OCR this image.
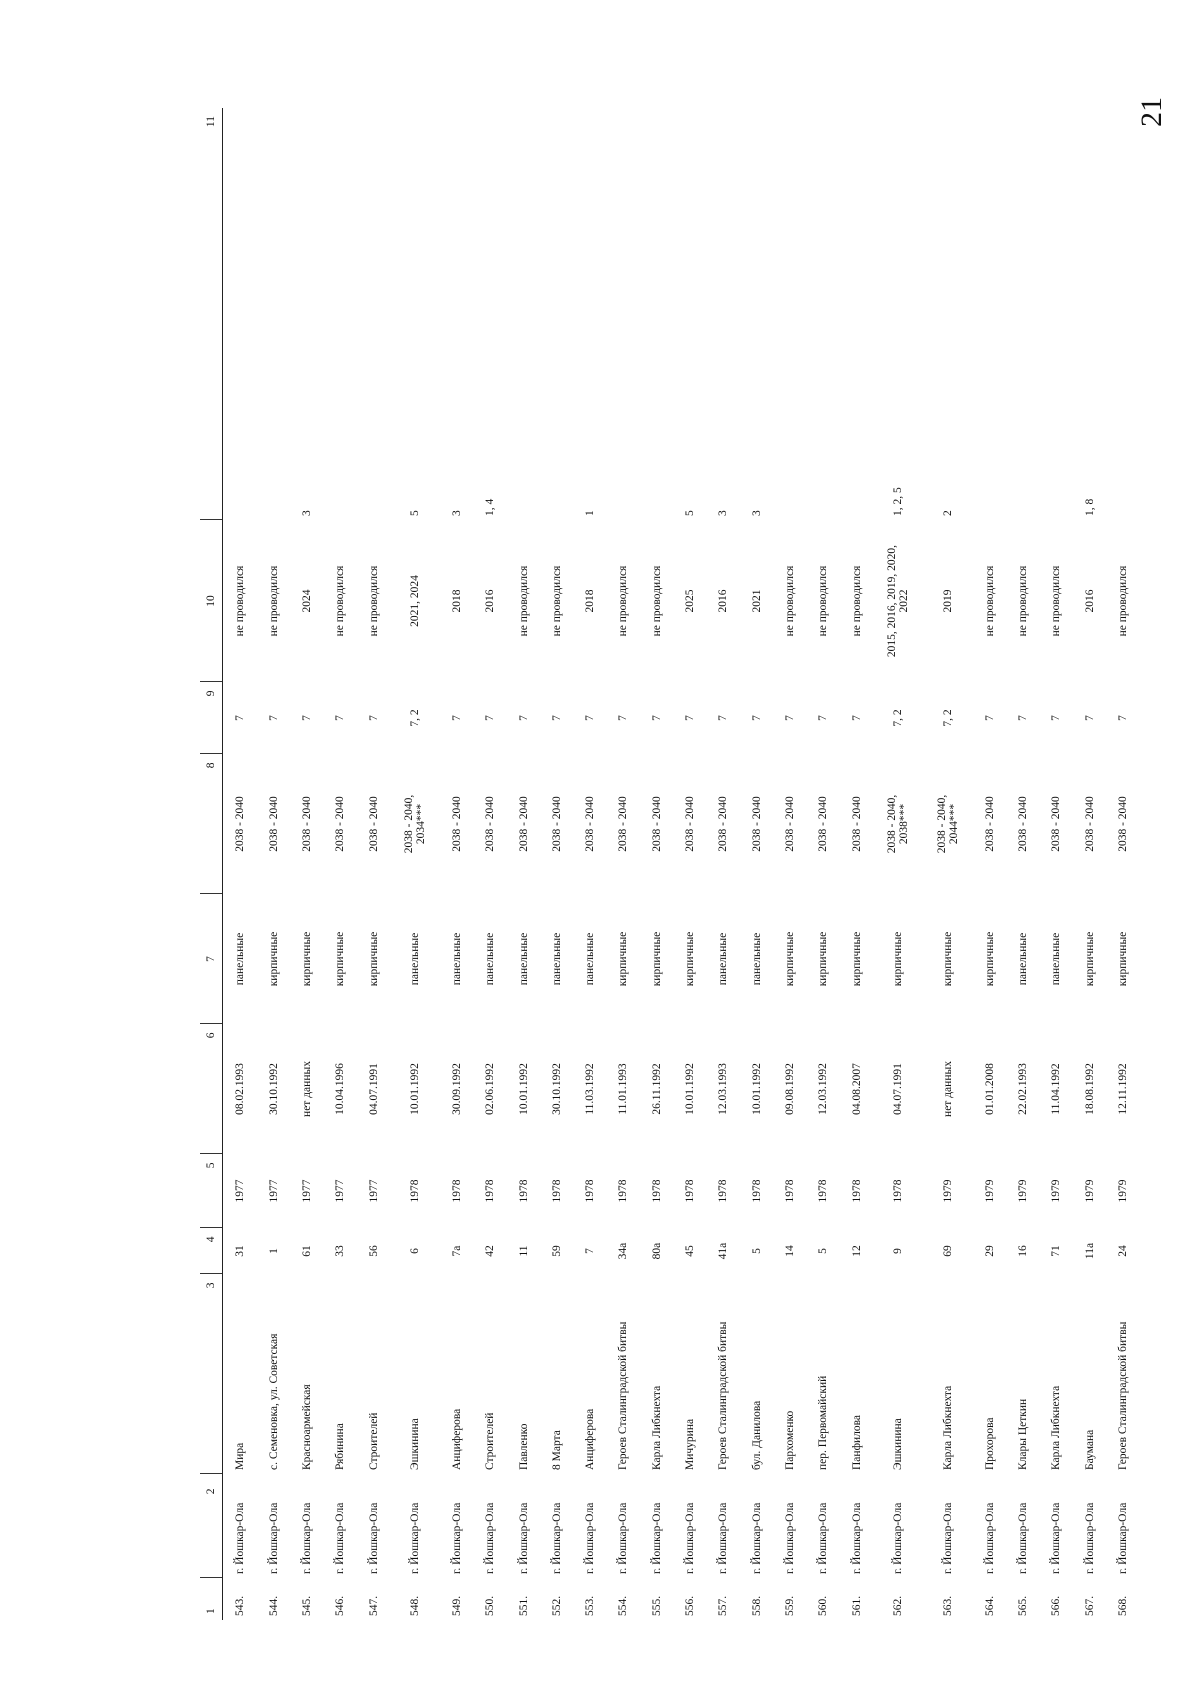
21
1	2	3	4	5	6	7	8	9	10	11
543.	г. Йошкар-Ола	Мира	31	1977	08.02.1993	панельные	2038 - 2040	7	не проводился	
544.	г. Йошкар-Ола	с. Семеновка, ул. Советская	1	1977	30.10.1992	кирпичные	2038 - 2040	7	не проводился	
545.	г. Йошкар-Ола	Красноармейская	61	1977	нет данных	кирпичные	2038 - 2040	7	2024	3
546.	г. Йошкар-Ола	Рябинина	33	1977	10.04.1996	кирпичные	2038 - 2040	7	не проводился	
547.	г. Йошкар-Ола	Строителей	56	1977	04.07.1991	кирпичные	2038 - 2040	7	не проводился	
548.	г. Йошкар-Ола	Эшкинина	6	1978	10.01.1992	панельные	2038 - 2040,
2034***	7, 2	2021, 2024	5
549.	г. Йошкар-Ола	Анциферова	7а	1978	30.09.1992	панельные	2038 - 2040	7	2018	3
550.	г. Йошкар-Ола	Строителей	42	1978	02.06.1992	панельные	2038 - 2040	7	2016	1, 4
551.	г. Йошкар-Ола	Павленко	11	1978	10.01.1992	панельные	2038 - 2040	7	не проводился	
552.	г. Йошкар-Ола	8 Марта	59	1978	30.10.1992	панельные	2038 - 2040	7	не проводился	
553.	г. Йошкар-Ола	Анциферова	7	1978	11.03.1992	панельные	2038 - 2040	7	2018	1
554.	г. Йошкар-Ола	Героев Сталинградской битвы	34а	1978	11.01.1993	кирпичные	2038 - 2040	7	не проводился	
555.	г. Йошкар-Ола	Карла Либкнехта	80а	1978	26.11.1992	кирпичные	2038 - 2040	7	не проводился	
556.	г. Йошкар-Ола	Мичурина	45	1978	10.01.1992	кирпичные	2038 - 2040	7	2025	5
557.	г. Йошкар-Ола	Героев Сталинградской битвы	41а	1978	12.03.1993	панельные	2038 - 2040	7	2016	3
558.	г. Йошкар-Ола	бул. Данилова	5	1978	10.01.1992	панельные	2038 - 2040	7	2021	3
559.	г. Йошкар-Ола	Пархоменко	14	1978	09.08.1992	кирпичные	2038 - 2040	7	не проводился	
560.	г. Йошкар-Ола	пер. Первомайский	5	1978	12.03.1992	кирпичные	2038 - 2040	7	не проводился	
561.	г. Йошкар-Ола	Панфилова	12	1978	04.08.2007	кирпичные	2038 - 2040	7	не проводился	
562.	г. Йошкар-Ола	Эшкинина	9	1978	04.07.1991	кирпичные	2038 - 2040,
2038***	7, 2	2015, 2016, 2019, 2020,
2022	1, 2, 5
563.	г. Йошкар-Ола	Карла Либкнехта	69	1979	нет данных	кирпичные	2038 - 2040,
2044***	7, 2	2019	2
564.	г. Йошкар-Ола	Прохорова	29	1979	01.01.2008	кирпичные	2038 - 2040	7	не проводился	
565.	г. Йошкар-Ола	Клары Цеткин	16	1979	22.02.1993	панельные	2038 - 2040	7	не проводился	
566.	г. Йошкар-Ола	Карла Либкнехта	71	1979	11.04.1992	панельные	2038 - 2040	7	не проводился	
567.	г. Йошкар-Ола	Баумана	11а	1979	18.08.1992	кирпичные	2038 - 2040	7	2016	1, 8
568.	г. Йошкар-Ола	Героев Сталинградской битвы	24	1979	12.11.1992	кирпичные	2038 - 2040	7	не проводился	
